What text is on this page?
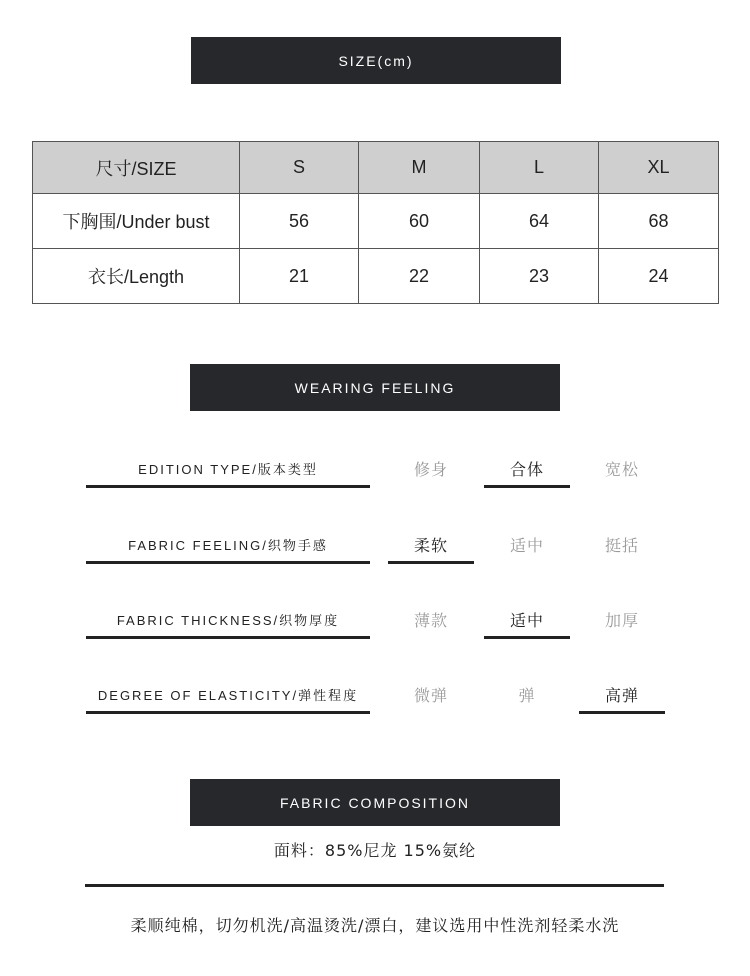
SIZE(cm)
尺寸/SIZE	S	M	L	XL
下胸围/Under bust	56	60	64	68
衣长/Length	21	22	23	24
WEARING FEELING
EDITION TYPE/版本类型	修身	合体	宽松
FABRIC FEELING/织物手感	柔软	适中	挺括
FABRIC THICKNESS/织物厚度	薄款	适中	加厚
DEGREE OF ELASTICITY/弹性程度	微弹	弹	高弹
FABRIC COMPOSITION
面料：85%尼龙 15%氨纶
柔顺纯棉，切勿机洗/高温烫洗/漂白，建议选用中性洗剂轻柔水洗
